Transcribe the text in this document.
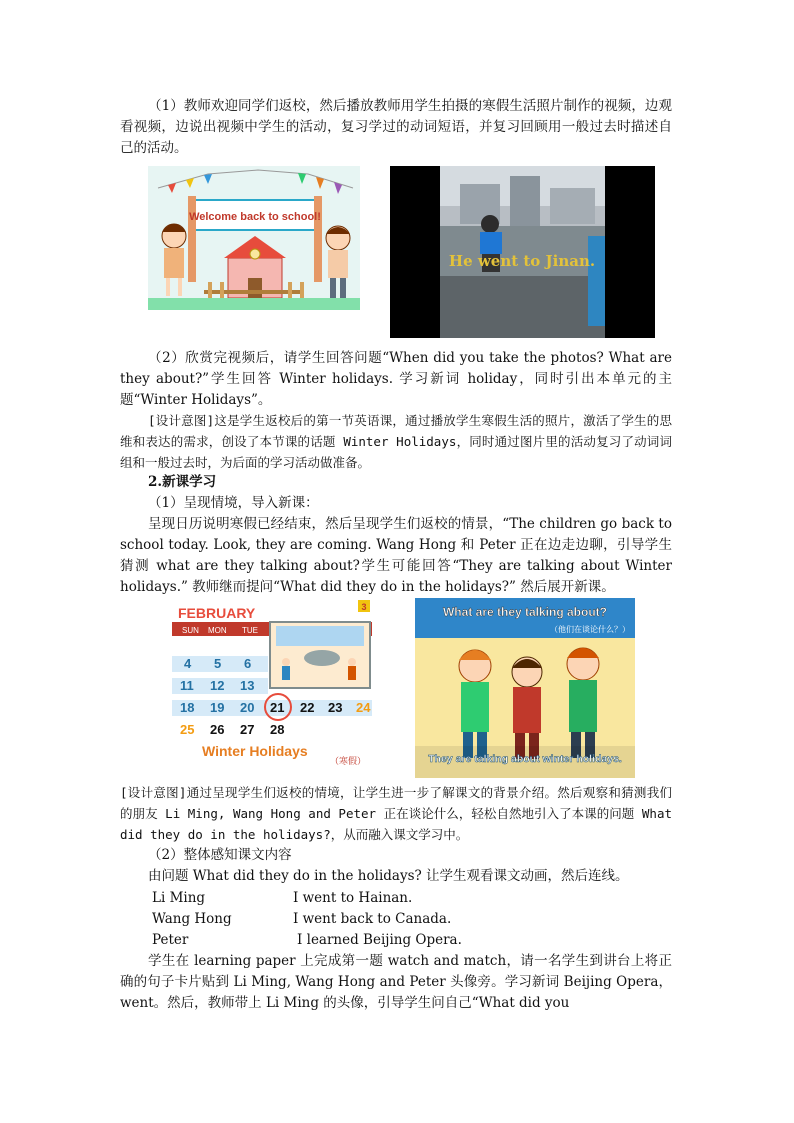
（1）教师欢迎同学们返校，然后播放教师用学生拍摄的寒假生活照片制作的视频，边观看视频，边说出视频中学生的活动，复习学过的动词短语，并复习回顾用一般过去时描述自己的活动。

Welcome back to school!
He went to Jinan.

（2）欣赏完视频后，请学生回答问题“When did you take the photos? What are they about?”学生回答 Winter holidays. 学习新词 holiday，同时引出本单元的主题“Winter Holidays”。

[设计意图]这是学生返校后的第一节英语课，通过播放学生寒假生活的照片，激活了学生的思维和表达的需求，创设了本节课的话题 Winter Holidays，同时通过图片里的活动复习了动词词组和一般过去时，为后面的学习活动做准备。

2.新课学习

（1）呈现情境，导入新课：

呈现日历说明寒假已经结束，然后呈现学生们返校的情景，“The children go back to school today. Look, they are coming. Wang Hong 和 Peter 正在边走边聊，引导学生猜测 what are they talking about?学生可能回答“They are talking about Winter holidays.” 教师继而提问“What did they do in the holidays?” 然后展开新课。

FEBRUARY
SUN MON TUE
4 5 6
11 12 13
18 19 20 21 22 23 24
25 26 27 28
3
Winter Holidays
（寒假）
What are they talking about?
（他们在谈论什么？）
They are talking about winter holidays.

[设计意图]通过呈现学生们返校的情境，让学生进一步了解课文的背景介绍。然后观察和猜测我们的朋友 Li Ming, Wang Hong and Peter 正在谈论什么，轻松自然地引入了本课的问题 What did they do in the holidays?，从而融入课文学习中。

（2）整体感知课文内容

由问题 What did they do in the holidays? 让学生观看课文动画，然后连线。

Li Ming	I went to Hainan.
Wang Hong	I went back to Canada.
Peter	I learned Beijing Opera.

学生在 learning paper 上完成第一题 watch and match，请一名学生到讲台上将正确的句子卡片贴到 Li Ming, Wang Hong and Peter 头像旁。学习新词 Beijing Opera，went。然后，教师带上 Li Ming 的头像，引导学生问自己“What did you
